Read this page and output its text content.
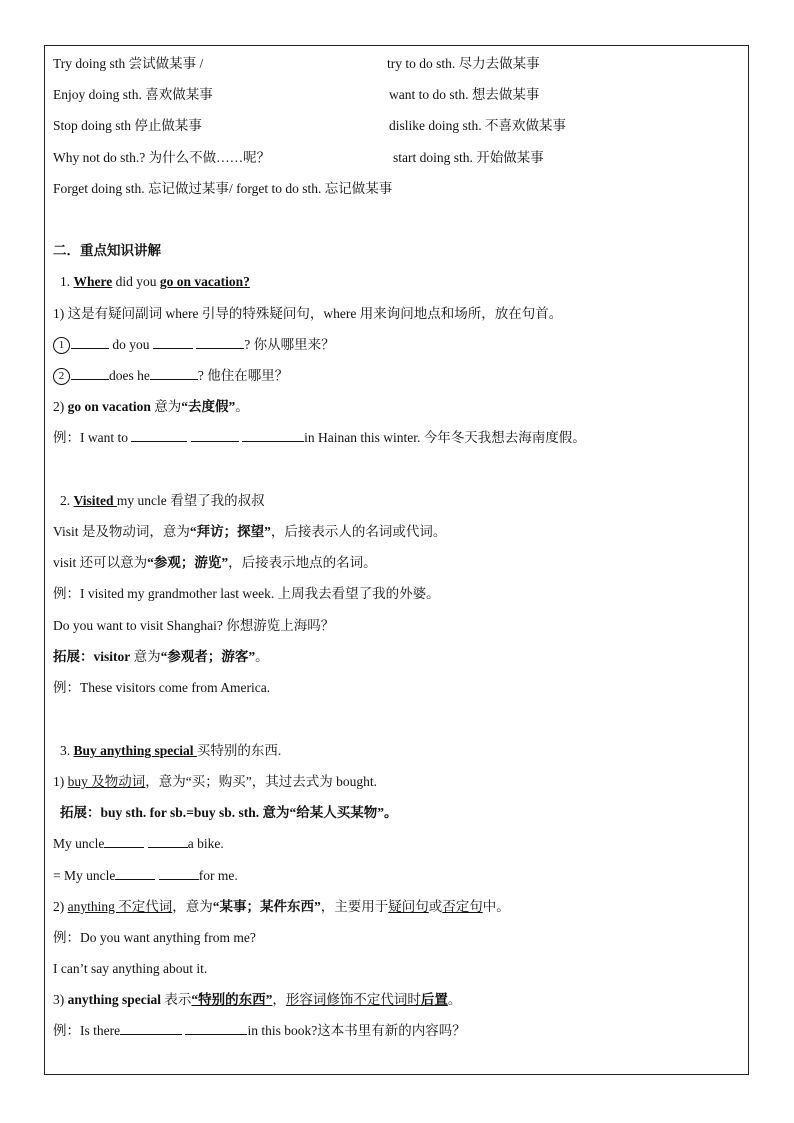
Try doing sth 尝试做某事 /	try to do sth. 尽力去做某事
Enjoy doing sth. 喜欢做某事	want to do sth. 想去做某事
Stop doing sth 停止做某事	dislike doing sth. 不喜欢做某事
Why not do sth.? 为什么不做……呢？	start doing sth. 开始做某事
Forget doing sth. 忘记做过某事/ forget to do sth. 忘记做某事
二．重点知识讲解
1. Where did you go on vacation?
1) 这是有疑问副词 where 引导的特殊疑问句，where 用来询问地点和场所，放在句首。
1	do you	? 你从哪里来？
2	does he	? 他住在哪里？
2) go on vacation 意为“去度假”。
例：I want to	in Hainan this winter. 今年冬天我想去海南度假。
2. Visited my uncle 看望了我的叔叔
Visit 是及物动词，意为“拜访；探望”，后接表示人的名词或代词。
visit 还可以意为“参观；游览”，后接表示地点的名词。
例：I visited my grandmother last week. 上周我去看望了我的外婆。
Do you want to visit Shanghai? 你想游览上海吗？
拓展：visitor 意为“参观者；游客”。
例：These visitors come from America.
3. Buy anything special 买特别的东西.
1) buy 及物动词，意为“买；购买”，其过去式为 bought.
拓展：buy sth. for sb.=buy sb. sth. 意为“给某人买某物”。
My uncle	a bike.
= My uncle	for me.
2) anything 不定代词，意为“某事；某件东西”，主要用于疑问句或否定句中。
例：Do you want anything from me?
I can’t say anything about it.
3) anything special 表示“特别的东西”，形容词修饰不定代词时后置。
例：Is there	in this book?这本书里有新的内容吗？
